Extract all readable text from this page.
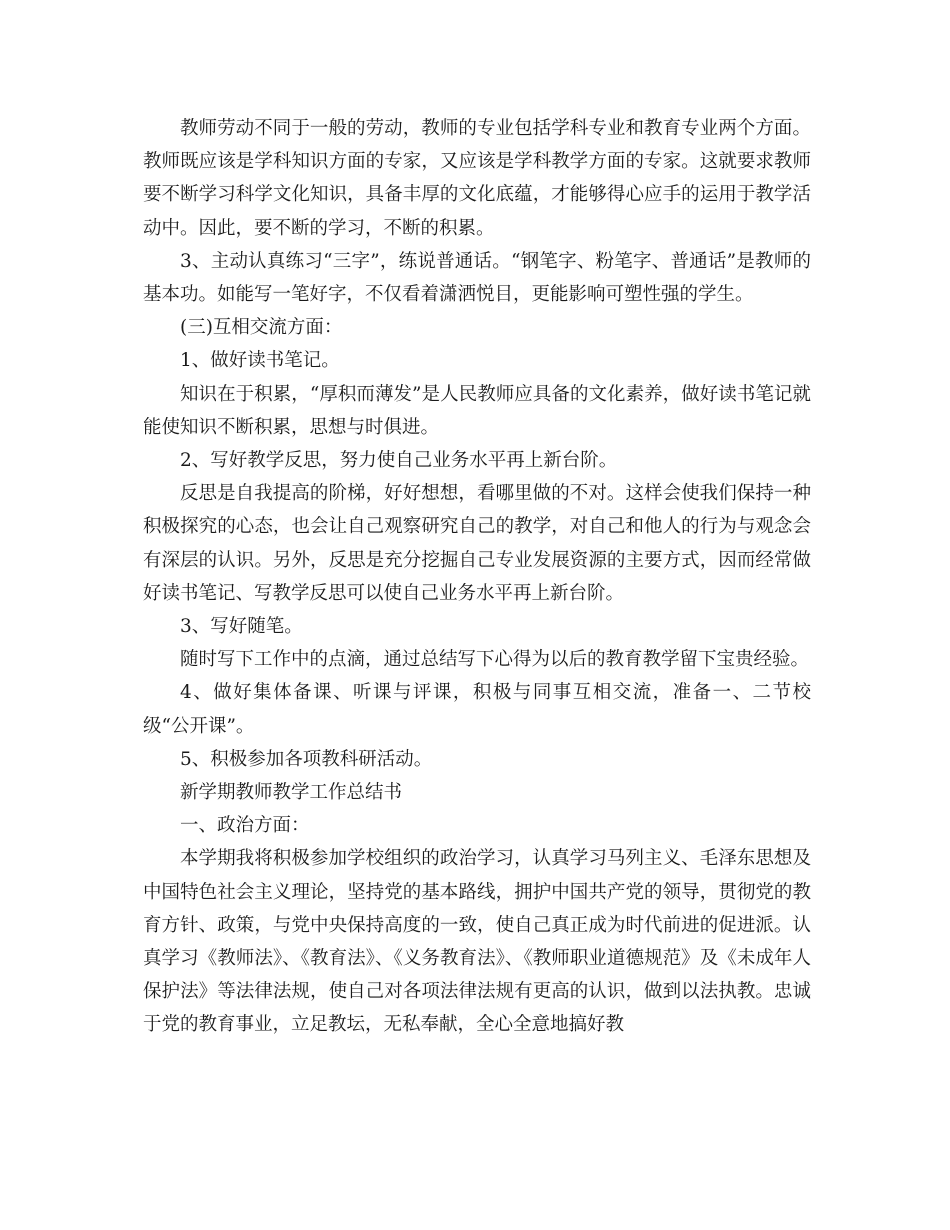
教师劳动不同于一般的劳动，教师的专业包括学科专业和教育专业两个方面。教师既应该是学科知识方面的专家，又应该是学科教学方面的专家。这就要求教师要不断学习科学文化知识，具备丰厚的文化底蕴，才能够得心应手的运用于教学活动中。因此，要不断的学习，不断的积累。

3、主动认真练习“三字”，练说普通话。“钢笔字、粉笔字、普通话”是教师的基本功。如能写一笔好字，不仅看着潇洒悦目，更能影响可塑性强的学生。

(三)互相交流方面：

1、做好读书笔记。

知识在于积累，“厚积而薄发”是人民教师应具备的文化素养，做好读书笔记就能使知识不断积累，思想与时俱进。

2、写好教学反思，努力使自己业务水平再上新台阶。

反思是自我提高的阶梯，好好想想，看哪里做的不对。这样会使我们保持一种积极探究的心态，也会让自己观察研究自己的教学，对自己和他人的行为与观念会有深层的认识。另外，反思是充分挖掘自己专业发展资源的主要方式，因而经常做好读书笔记、写教学反思可以使自己业务水平再上新台阶。

3、写好随笔。

随时写下工作中的点滴，通过总结写下心得为以后的教育教学留下宝贵经验。

4、做好集体备课、听课与评课，积极与同事互相交流，准备一、二节校级“公开课”。

5、积极参加各项教科研活动。

新学期教师教学工作总结书

一、政治方面：

本学期我将积极参加学校组织的政治学习，认真学习马列主义、毛泽东思想及中国特色社会主义理论，坚持党的基本路线，拥护中国共产党的领导，贯彻党的教育方针、政策，与党中央保持高度的一致，使自己真正成为时代前进的促进派。认真学习《教师法》、《教育法》、《义务教育法》、《教师职业道德规范》及《未成年人保护法》等法律法规，使自己对各项法律法规有更高的认识，做到以法执教。忠诚于党的教育事业，立足教坛，无私奉献，全心全意地搞好教
